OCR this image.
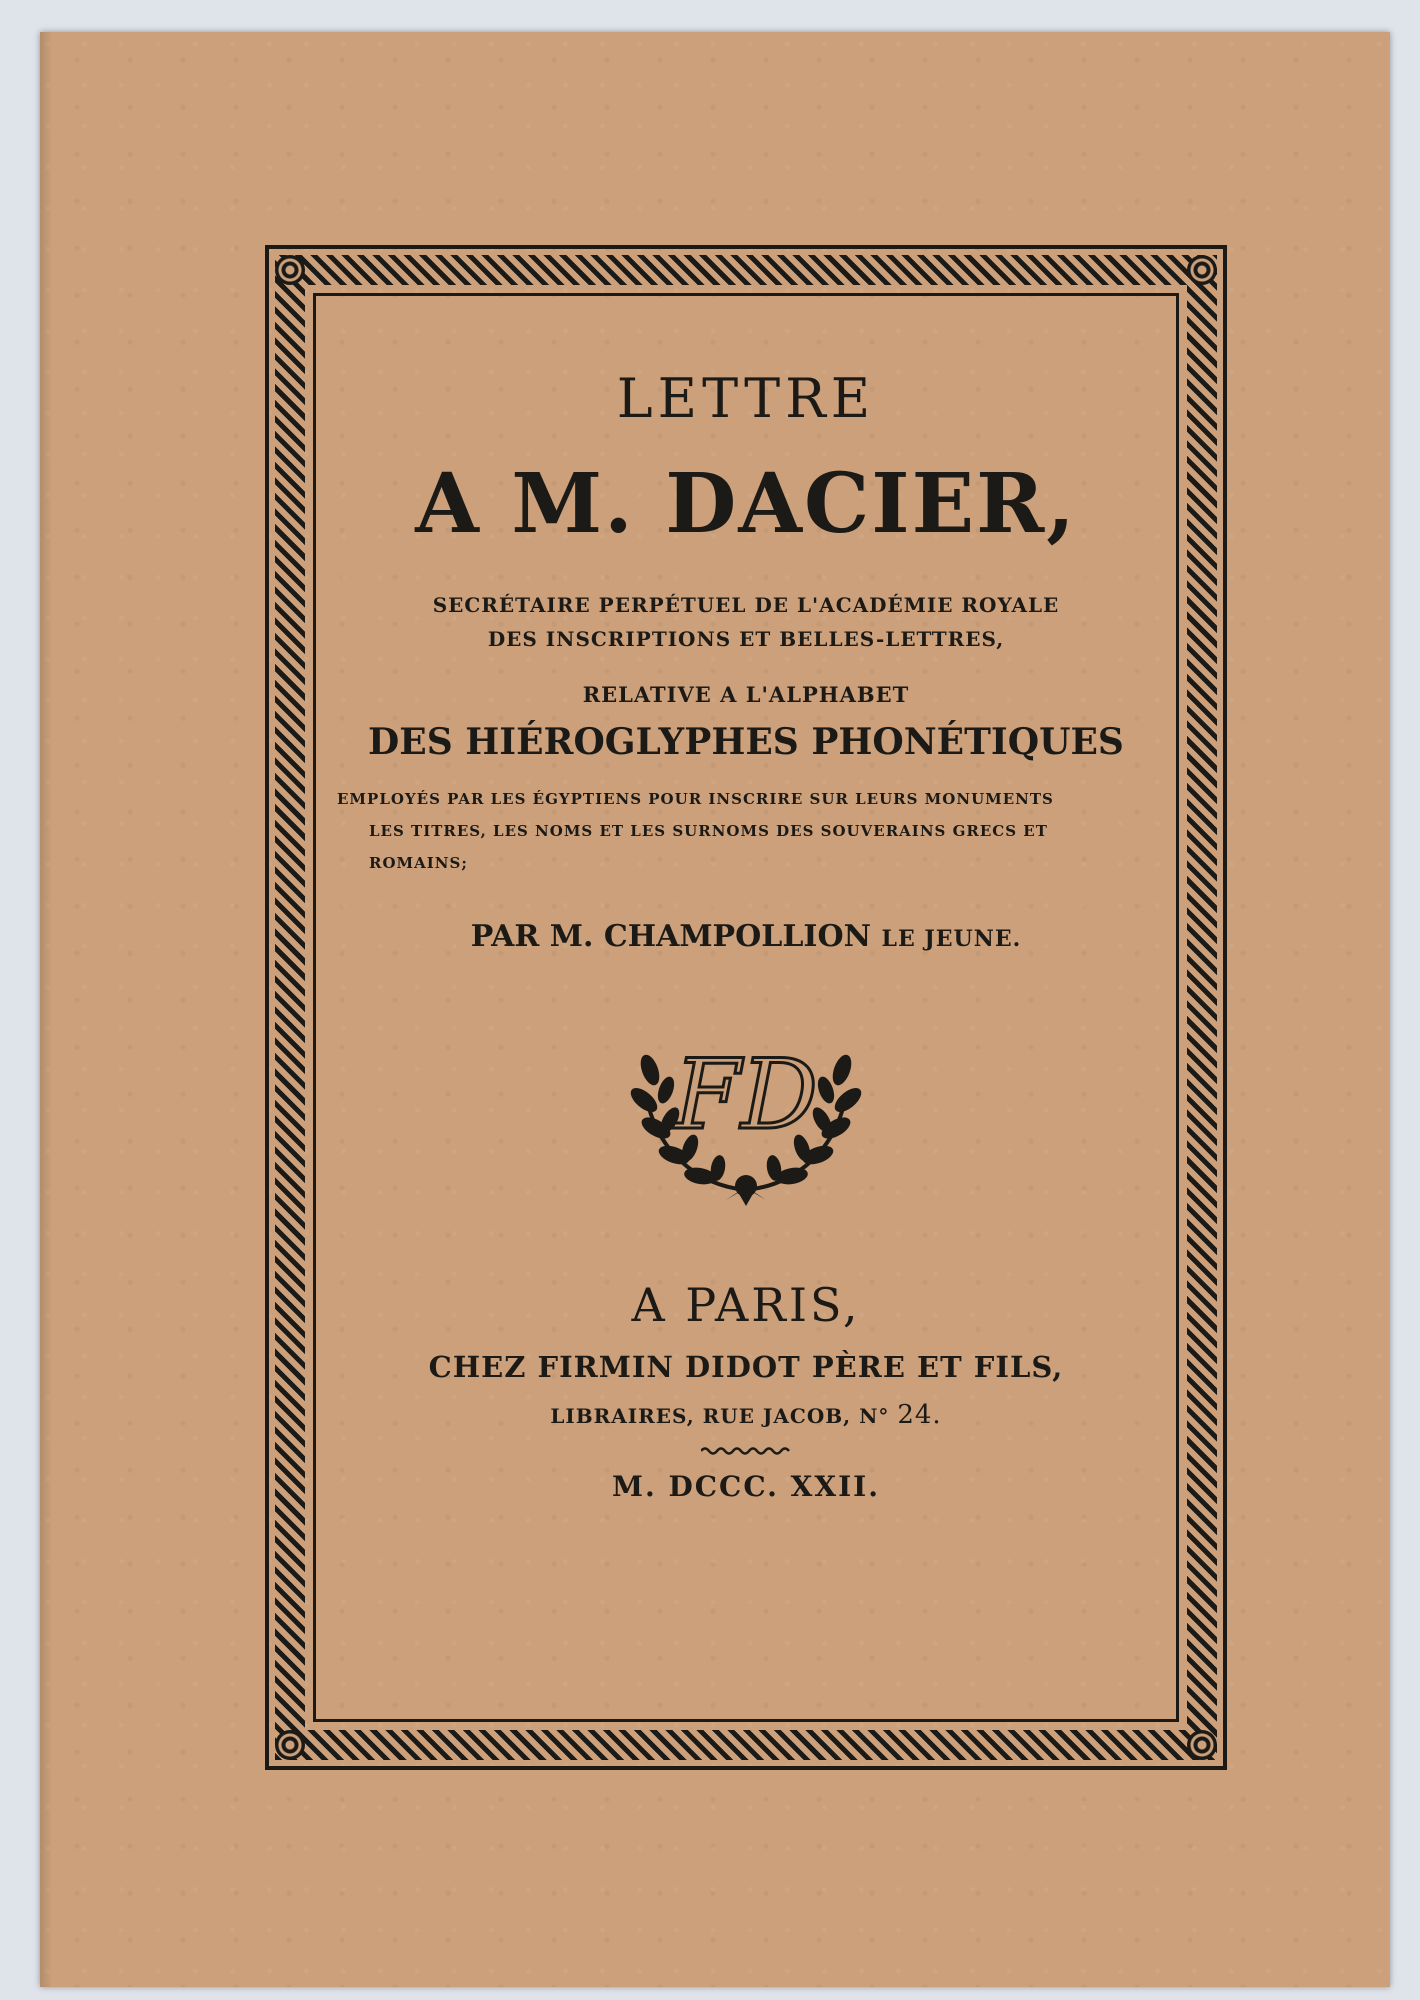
LETTRE
A M. DACIER,
SECRÉTAIRE PERPÉTUEL DE L'ACADÉMIE ROYALE
DES INSCRIPTIONS ET BELLES-LETTRES,
RELATIVE A L'ALPHABET
DES HIÉROGLYPHES PHONÉTIQUES
EMPLOYÉS PAR LES ÉGYPTIENS POUR INSCRIRE SUR LEURS MONUMENTS
LES TITRES, LES NOMS ET LES SURNOMS DES SOUVERAINS GRECS ET
ROMAINS;
PAR M. CHAMPOLLION LE JEUNE.
FD
A PARIS,
CHEZ FIRMIN DIDOT PÈRE ET FILS,
LIBRAIRES, RUE JACOB, N° 24.
M. DCCC. XXII.
